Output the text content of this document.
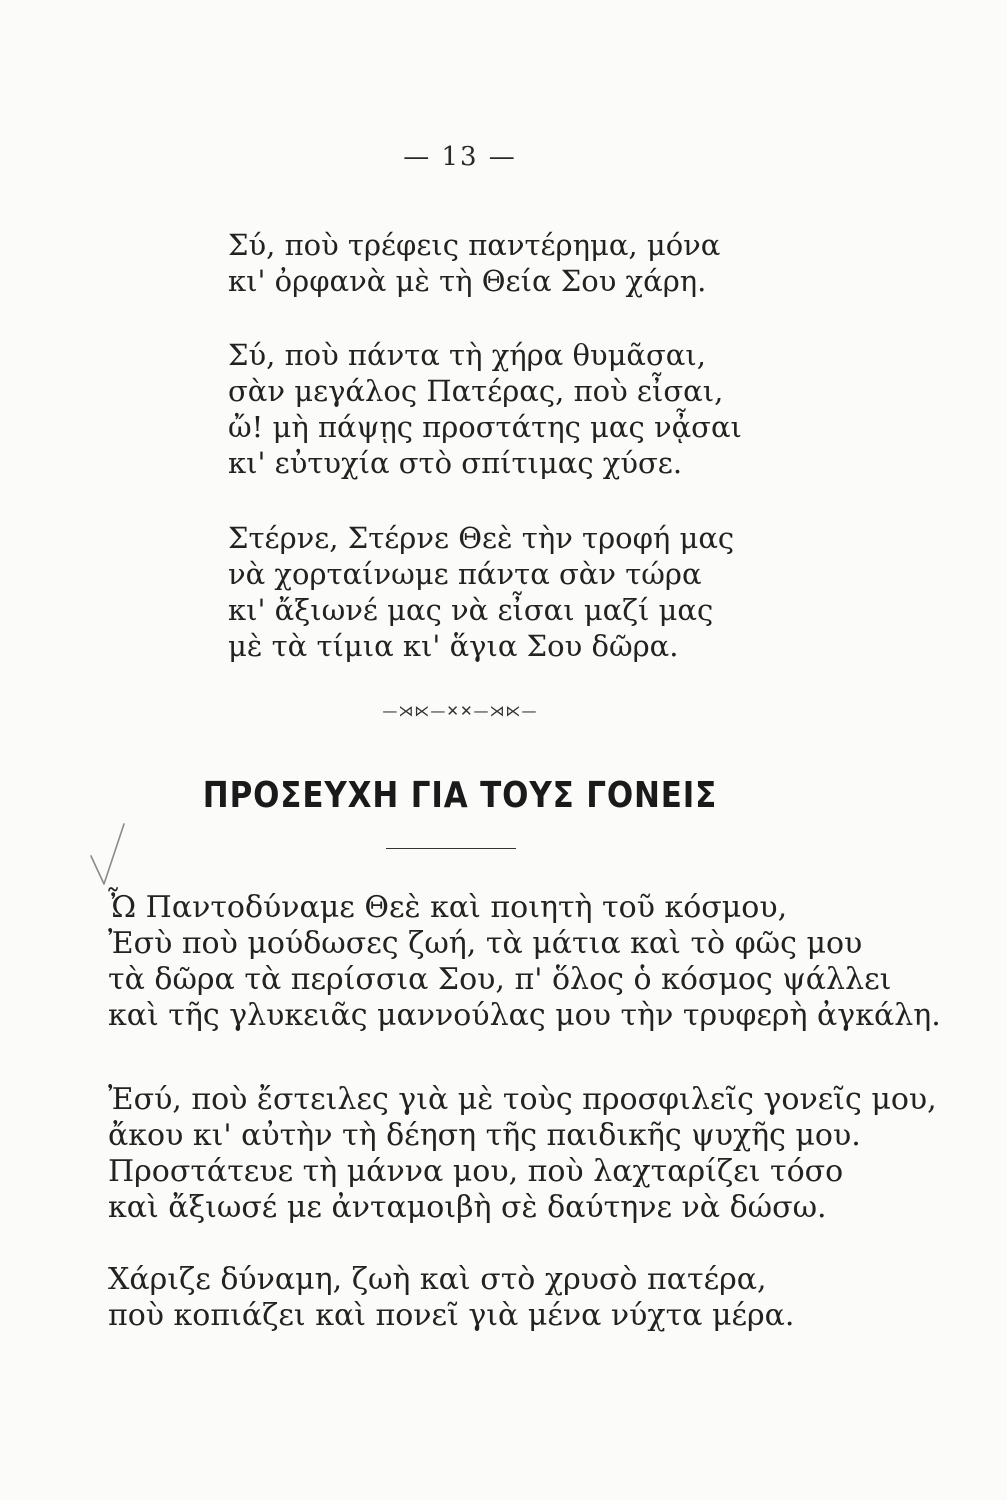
— 13 —

Σύ, ποὺ τρέφεις παντέρημα, μόνα
κι' ὀρφανὰ μὲ τὴ Θεία Σου χάρη.

Σύ, ποὺ πάντα τὴ χήρα θυμᾶσαι,
σὰν μεγάλος Πατέρας, ποὺ εἶσαι,
ὤ! μὴ πάψῃς προστάτης μας νᾆσαι
κι' εὐτυχία στὸ σπίτιμας χύσε.

Στέρνε, Στέρνε Θεὲ τὴν τροφή μας
νὰ χορταίνωμε πάντα σὰν τώρα
κι' ἄξιωνέ μας νὰ εἶσαι μαζί μας
μὲ τὰ τίμια κι' ἅγια Σου δῶρα.

—⋊⋉—✕✕—⋊⋉—
ΠΡΟΣΕΥΧΗ ΓΙΑ ΤΟΥΣ ΓΟΝΕΙΣ

Ὦ Παντοδύναμε Θεὲ καὶ ποιητὴ τοῦ κόσμου,
Ἐσὺ ποὺ μούδωσες ζωή, τὰ μάτια καὶ τὸ φῶς μου
τὰ δῶρα τὰ περίσσια Σου, π' ὅλος ὁ κόσμος ψάλλει
καὶ τῆς γλυκειᾶς μαννούλας μου τὴν τρυφερὴ ἀγκάλη.

Ἐσύ, ποὺ ἔστειλες γιὰ μὲ τοὺς προσφιλεῖς γονεῖς μου,
ἄκου κι' αὐτὴν τὴ δέηση τῆς παιδικῆς ψυχῆς μου.
Προστάτευε τὴ μάννα μου, ποὺ λαχταρίζει τόσο
καὶ ἄξιωσέ με ἀνταμοιβὴ σὲ δαύτηνε νὰ δώσω.

Χάριζε δύναμη, ζωὴ καὶ στὸ χρυσὸ πατέρα,
ποὺ κοπιάζει καὶ πονεῖ γιὰ μένα νύχτα μέρα.
